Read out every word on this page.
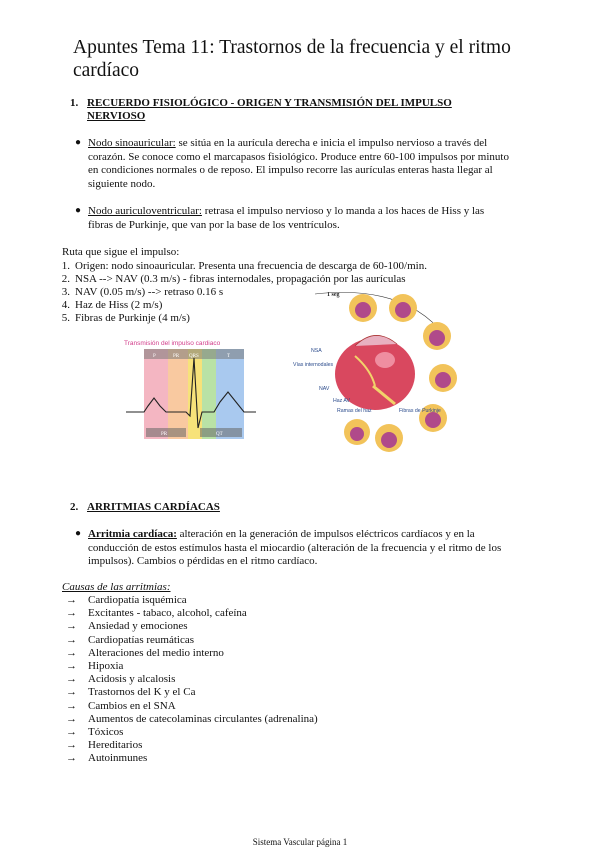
Apuntes Tema 11: Trastornos de la frecuencia y el ritmo cardíaco
1. RECUERDO FISIOLÓGICO - ORIGEN Y TRANSMISIÓN DEL IMPULSO
NERVIOSO
● Nodo sinoauricular: se sitúa en la aurícula derecha e inicia el impulso nervioso a través del
corazón. Se conoce como el marcapasos fisiológico. Produce entre 60-100 impulsos por minuto
en condiciones normales o de reposo. El impulso recorre las aurículas enteras hasta llegar al
siguiente nodo.
● Nodo auriculoventricular: retrasa el impulso nervioso y lo manda a los haces de Hiss y las
fibras de Purkinje, que van por la base de los ventrículos.
Ruta que sigue el impulso:
1. Origen: nodo sinoauricular. Presenta una frecuencia de descarga de 60-100/min.
2. NSA --> NAV (0.3 m/s) - fibras internodales, propagación por las aurículas
3. NAV (0.05 m/s) --> retraso 0.16 s
4. Haz de Hiss (2 m/s)
5. Fibras de Purkinje (4 m/s)
Transmisión del impulso cardiaco
P	PR QRS	T
PR	QT
1 seg
NSA
Vías internodales
NAV
Haz AV
Ramas del haz	Fibras de Purkinje
2. ARRITMIAS CARDÍACAS
● Arritmia cardíaca: alteración en la generación de impulsos eléctricos cardíacos y en la
conducción de estos estímulos hasta el miocardio (alteración de la frecuencia y el ritmo de los
impulsos). Cambios o pérdidas en el ritmo cardíaco.
Causas de las arritmias:
→ Cardiopatía isquémica
→ Excitantes - tabaco, alcohol, cafeína
→ Ansiedad y emociones
→ Cardiopatías reumáticas
→ Alteraciones del medio interno
→ Hipoxia
→ Acidosis y alcalosis
→ Trastornos del K y el Ca
→ Cambios en el SNA
→ Aumentos de catecolaminas circulantes (adrenalina)
→ Tóxicos
→ Hereditarios
→ Autoinmunes
Sistema Vascular página 1
